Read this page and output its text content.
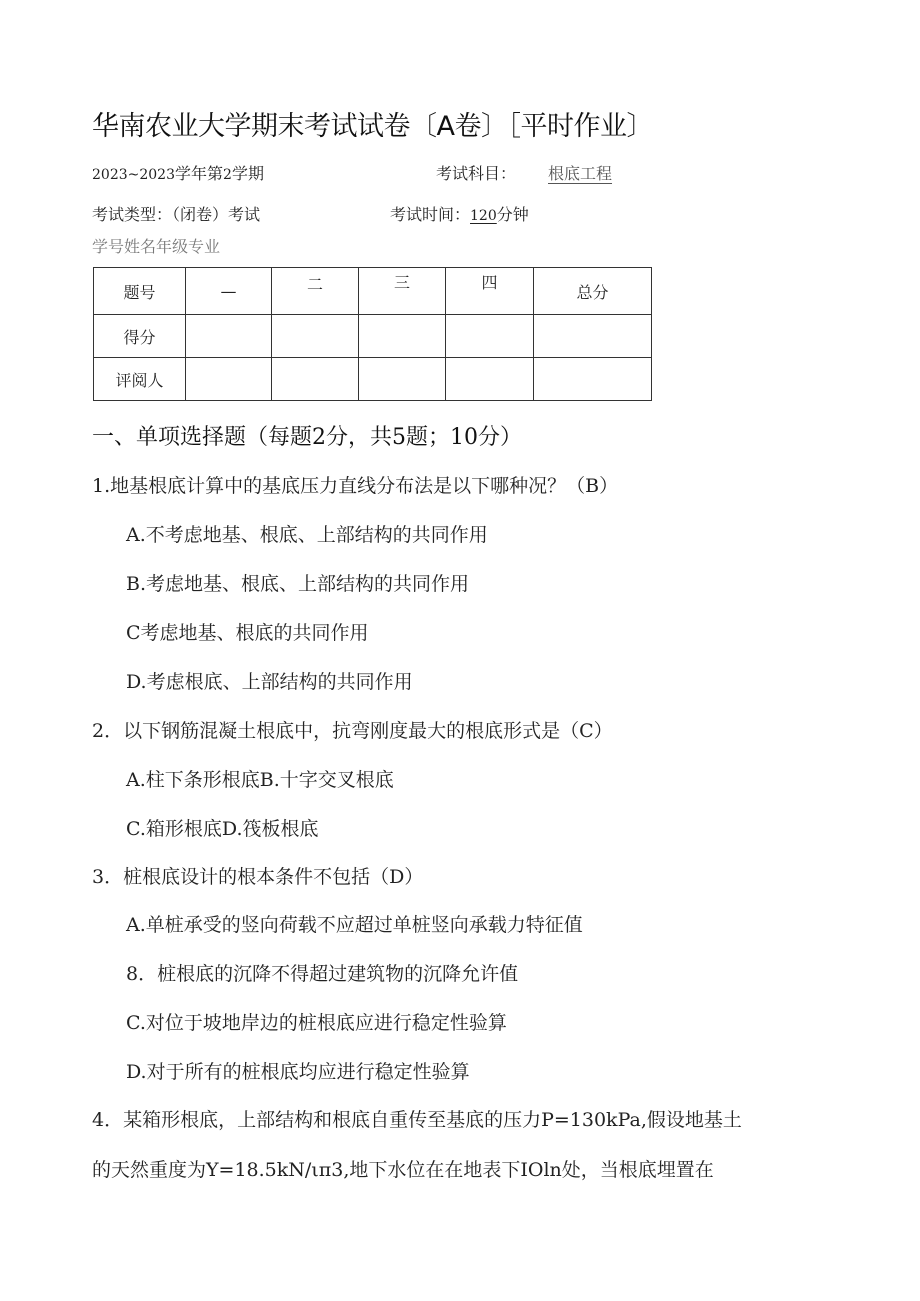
华南农业大学期末考试试卷〔A卷〕［平时作业〕
2023~2023学年第2学期	考试科目： 根底工程
考试类型：（闭卷）考试	考试时间：120分钟
学号姓名年级专业
题号	—	二	三	四	总分
得分					
评阅人					
一、单项选择题（每题2分，共5题；10分）
1.地基根底计算中的基底压力直线分布法是以下哪种况？（B）
A.不考虑地基、根底、上部结构的共同作用
B.考虑地基、根底、上部结构的共同作用
C考虑地基、根底的共同作用
D.考虑根底、上部结构的共同作用
2．以下钢筋混凝土根底中，抗弯刚度最大的根底形式是（C）
A.柱下条形根底B.十字交叉根底
C.箱形根底D.筏板根底
3．桩根底设计的根本条件不包括（D）
A.单桩承受的竖向荷载不应超过单桩竖向承载力特征值
8．桩根底的沉降不得超过建筑物的沉降允许值
C.对位于坡地岸边的桩根底应进行稳定性验算
D.对于所有的桩根底均应进行稳定性验算
4．某箱形根底，上部结构和根底自重传至基底的压力P=130kPa,假设地基土
的天然重度为Y=18.5kN/ιπ3,地下水位在在地表下IOln处，当根底埋置在
